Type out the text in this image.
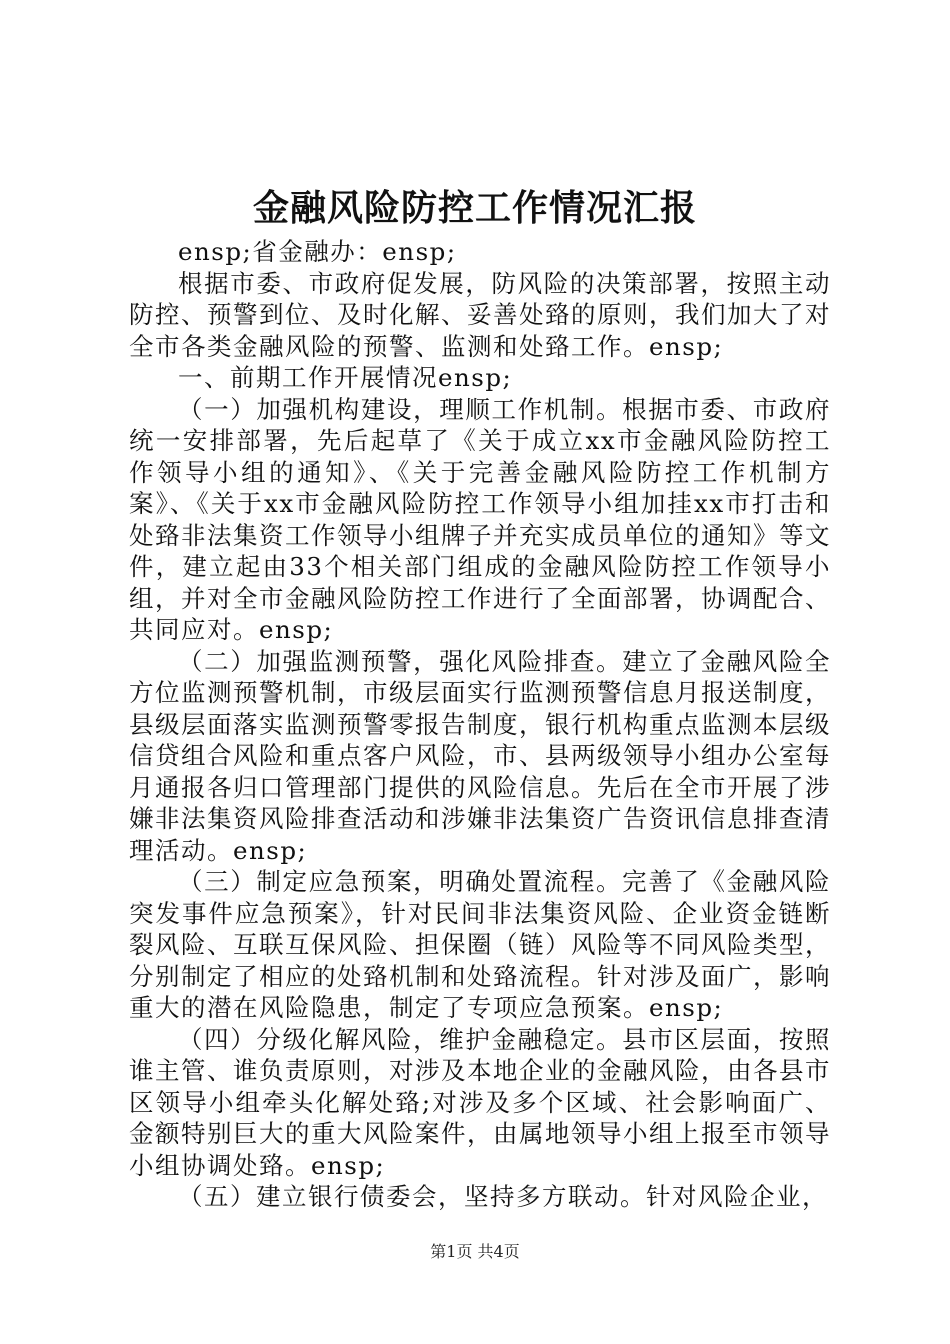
金融风险防控工作情况汇报

ensp;省金融办：ensp;

根据市委、市政府促发展，防风险的决策部署，按照主动防控、预警到位、及时化解、妥善处臵的原则，我们加大了对全市各类金融风险的预警、监测和处臵工作。ensp;

一、前期工作开展情况ensp;

（一）加强机构建设，理顺工作机制。根据市委、市政府统一安排部署，先后起草了《关于成立xx市金融风险防控工作领导小组的通知》、《关于完善金融风险防控工作机制方案》、《关于xx市金融风险防控工作领导小组加挂xx市打击和处臵非法集资工作领导小组牌子并充实成员单位的通知》等文件，建立起由33个相关部门组成的金融风险防控工作领导小组，并对全市金融风险防控工作进行了全面部署，协调配合、共同应对。ensp;

（二）加强监测预警，强化风险排查。建立了金融风险全方位监测预警机制，市级层面实行监测预警信息月报送制度，县级层面落实监测预警零报告制度，银行机构重点监测本层级信贷组合风险和重点客户风险，市、县两级领导小组办公室每月通报各归口管理部门提供的风险信息。先后在全市开展了涉嫌非法集资风险排查活动和涉嫌非法集资广告资讯信息排查清理活动。ensp;

（三）制定应急预案，明确处置流程。完善了《金融风险突发事件应急预案》，针对民间非法集资风险、企业资金链断裂风险、互联互保风险、担保圈（链）风险等不同风险类型，分别制定了相应的处臵机制和处臵流程。针对涉及面广，影响重大的潜在风险隐患，制定了专项应急预案。ensp;

（四）分级化解风险，维护金融稳定。县市区层面，按照谁主管、谁负责原则，对涉及本地企业的金融风险，由各县市区领导小组牵头化解处臵;对涉及多个区域、社会影响面广、金额特别巨大的重大风险案件，由属地领导小组上报至市领导小组协调处臵。ensp;

（五）建立银行债委会，坚持多方联动。针对风险企业，

第1页 共4页
